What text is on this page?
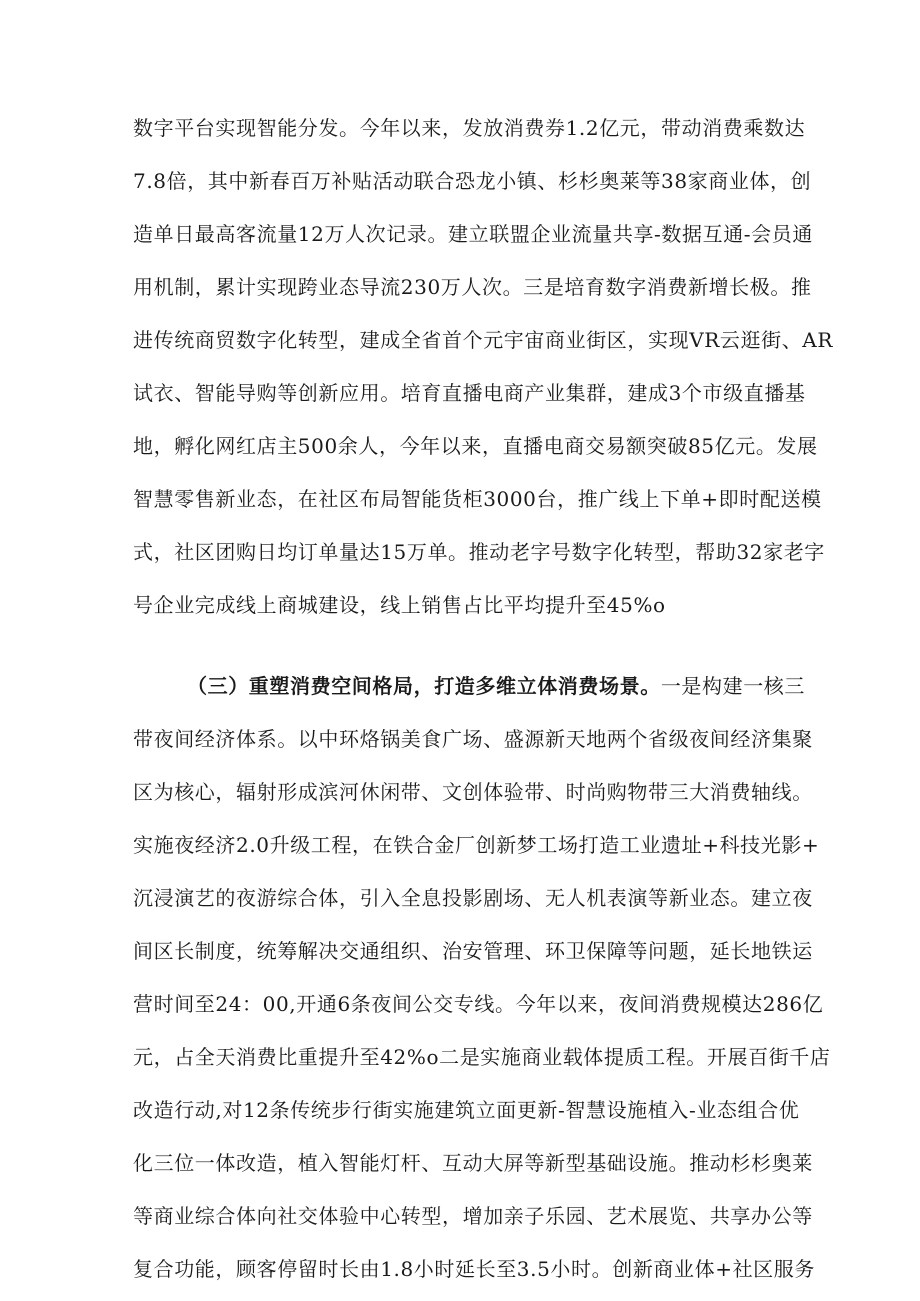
数字平台实现智能分发。今年以来，发放消费券1.2亿元，带动消费乘数达
7.8倍，其中新春百万补贴活动联合恐龙小镇、杉杉奥莱等38家商业体，创
造单日最高客流量12万人次记录。建立联盟企业流量共享-数据互通-会员通
用机制，累计实现跨业态导流230万人次。三是培育数字消费新增长极。推
进传统商贸数字化转型，建成全省首个元宇宙商业街区，实现VR云逛街、AR
试衣、智能导购等创新应用。培育直播电商产业集群，建成3个市级直播基
地，孵化网红店主500余人，今年以来，直播电商交易额突破85亿元。发展
智慧零售新业态，在社区布局智能货柜3000台，推广线上下单+即时配送模
式，社区团购日均订单量达15万单。推动老字号数字化转型，帮助32家老字
号企业完成线上商城建设，线上销售占比平均提升至45%o
（三）重塑消费空间格局，打造多维立体消费场景。一是构建一核三
带夜间经济体系。以中环烙锅美食广场、盛源新天地两个省级夜间经济集聚
区为核心，辐射形成滨河休闲带、文创体验带、时尚购物带三大消费轴线。
实施夜经济2.0升级工程，在铁合金厂创新梦工场打造工业遗址+科技光影+
沉浸演艺的夜游综合体，引入全息投影剧场、无人机表演等新业态。建立夜
间区长制度，统筹解决交通组织、治安管理、环卫保障等问题，延长地铁运
营时间至24：00,开通6条夜间公交专线。今年以来，夜间消费规模达286亿
元，占全天消费比重提升至42%o二是实施商业载体提质工程。开展百街千店
改造行动,对12条传统步行街实施建筑立面更新-智慧设施植入-业态组合优
化三位一体改造，植入智能灯杆、互动大屏等新型基础设施。推动杉杉奥莱
等商业综合体向社交体验中心转型，增加亲子乐园、艺术展览、共享办公等
复合功能，顾客停留时长由1.8小时延长至3.5小时。创新商业体+社区服务
